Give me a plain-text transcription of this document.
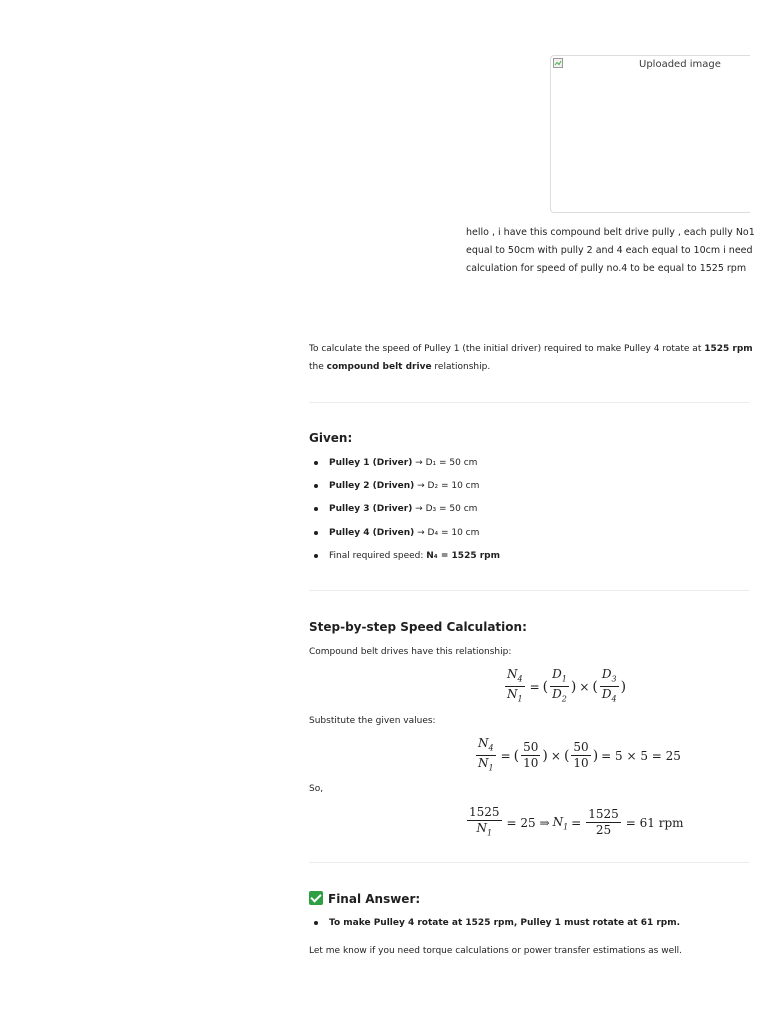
Uploaded image
hello , i have this compound belt drive pully , each pully No1 equal to 50cm with pully 2 and 4 each equal to 10cm i need calculation for speed of pully no.4 to be equal to 1525 rpm

To calculate the speed of Pulley 1 (the initial driver) required to make Pulley 4 rotate at 1525 rpm
the compound belt drive relationship.

Given:
Pulley 1 (Driver) → D₁ = 50 cm
Pulley 2 (Driven) → D₂ = 10 cm
Pulley 3 (Driver) → D₃ = 50 cm
Pulley 4 (Driven) → D₄ = 10 cm
Final required speed: N₄ = 1525 rpm
Step-by-step Speed Calculation:
Compound belt drives have this relationship:
$\frac{N_4}{N_1}$ = ( $\frac{D_1}{D_2}$ ) × ( $\frac{D_3}{D_4}$ )
Substitute the given values:
$\frac{N_4}{N_1}$ = ( $\frac{50}{10}$ ) × ( $\frac{50}{10}$ ) = 5 × 5 = 25
So,
$\frac{1525}{N_1} = 25$ ⇒ $N_1 = \frac{1525}{25} = 61$ rpm
Final Answer:
To make Pulley 4 rotate at 1525 rpm, Pulley 1 must rotate at 61 rpm.
Let me know if you need torque calculations or power transfer estimations as well.
